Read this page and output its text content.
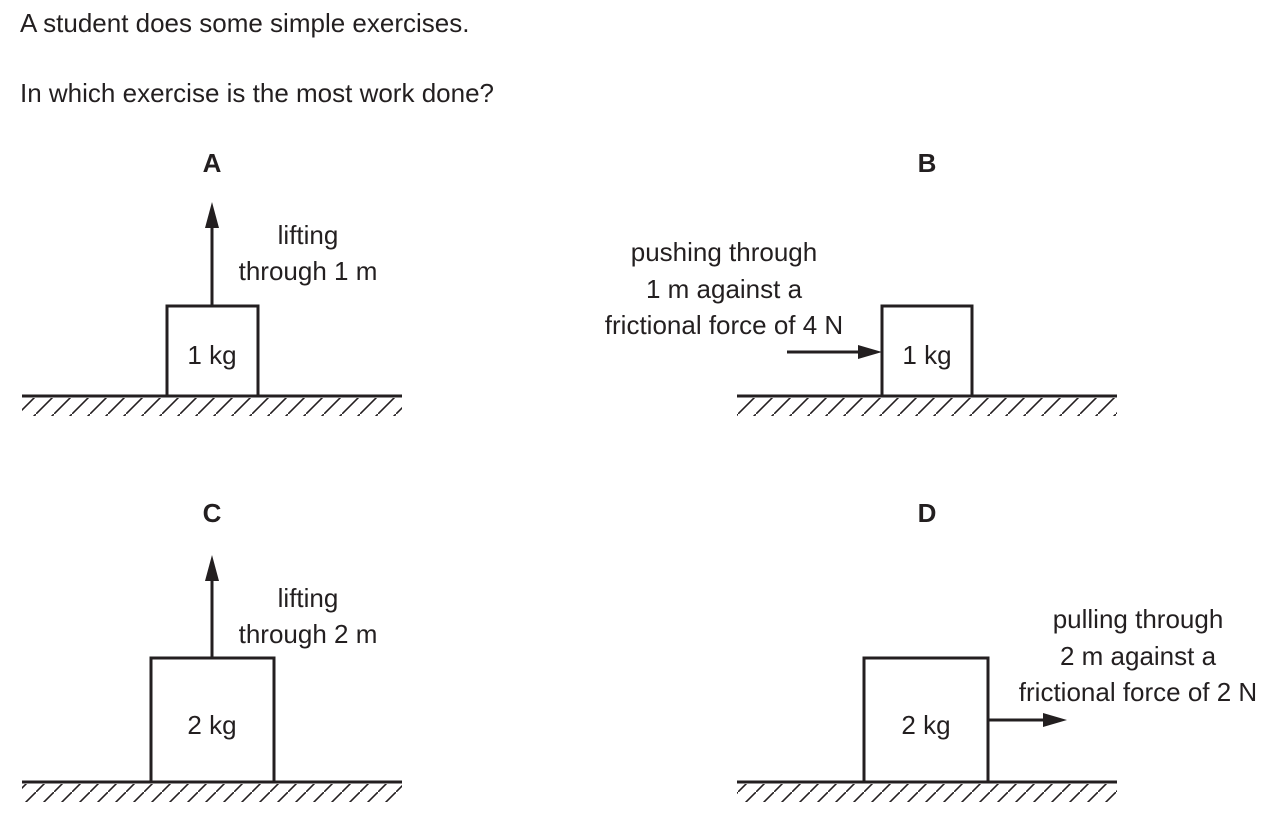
A student does some simple exercises.
In which exercise is the most work done?
A
1 kg
lifting
through 1 m
B
1 kg
pushing through
1 m against a
frictional force of 4 N
C
2 kg
lifting
through 2 m
D
2 kg
pulling through
2 m against a
frictional force of 2 N
